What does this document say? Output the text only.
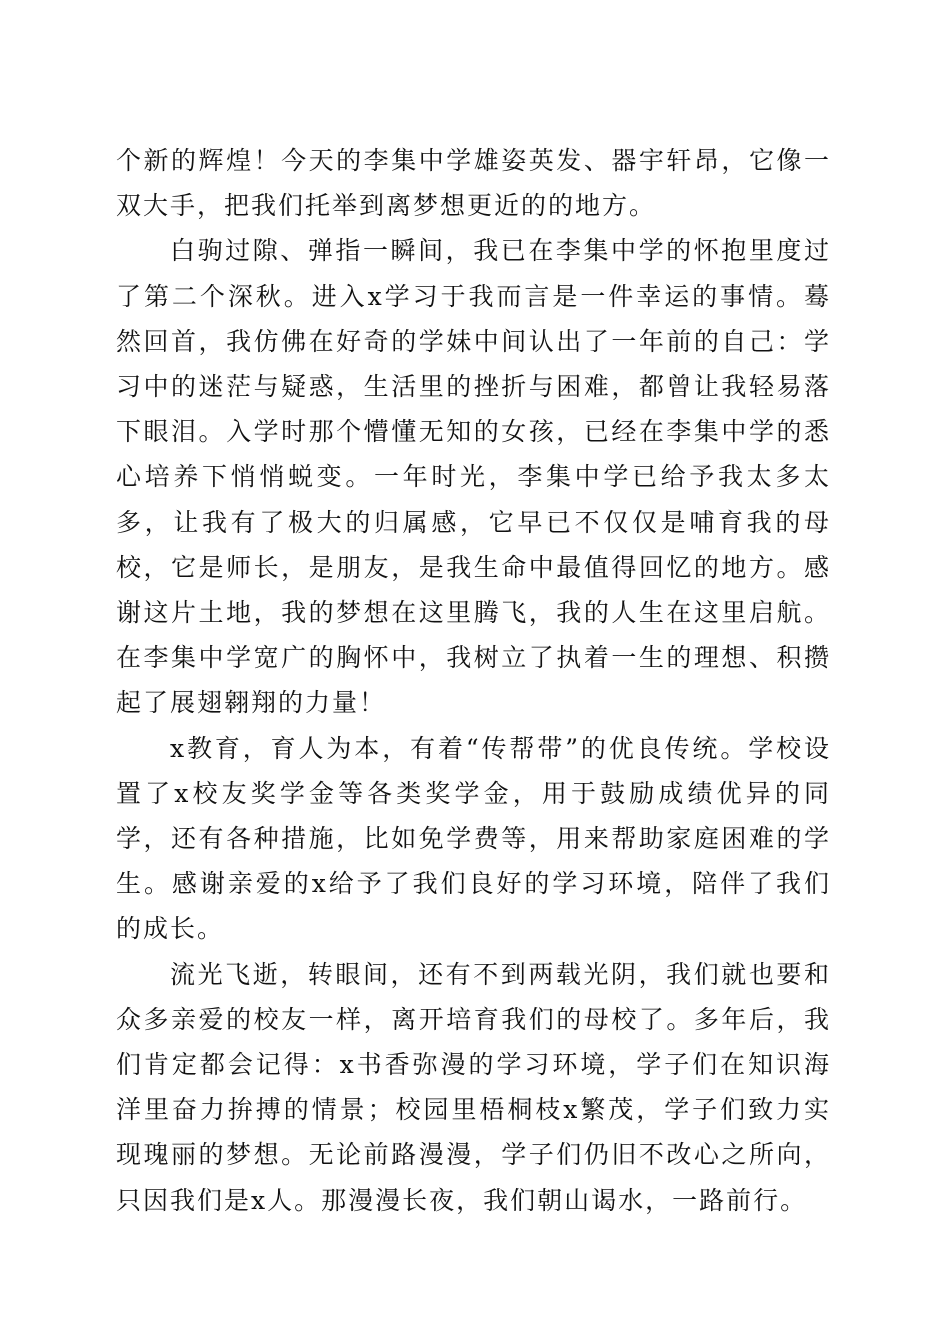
个新的辉煌！今天的李集中学雄姿英发、器宇轩昂，它像一双大手，把我们托举到离梦想更近的的地方。

白驹过隙、弹指一瞬间，我已在李集中学的怀抱里度过了第二个深秋。进入x学习于我而言是一件幸运的事情。蓦然回首，我仿佛在好奇的学妹中间认出了一年前的自己：学习中的迷茫与疑惑，生活里的挫折与困难，都曾让我轻易落下眼泪。入学时那个懵懂无知的女孩，已经在李集中学的悉心培养下悄悄蜕变。一年时光，李集中学已给予我太多太多，让我有了极大的归属感，它早已不仅仅是哺育我的母校，它是师长，是朋友，是我生命中最值得回忆的地方。感谢这片土地，我的梦想在这里腾飞，我的人生在这里启航。在李集中学宽广的胸怀中，我树立了执着一生的理想、积攒起了展翅翱翔的力量！

x教育，育人为本，有着“传帮带”的优良传统。学校设置了x校友奖学金等各类奖学金，用于鼓励成绩优异的同学，还有各种措施，比如免学费等，用来帮助家庭困难的学生。感谢亲爱的x给予了我们良好的学习环境，陪伴了我们的成长。

流光飞逝，转眼间，还有不到两载光阴，我们就也要和众多亲爱的校友一样，离开培育我们的母校了。多年后，我们肯定都会记得：x书香弥漫的学习环境，学子们在知识海洋里奋力拚搏的情景；校园里梧桐枝x繁茂，学子们致力实现瑰丽的梦想。无论前路漫漫，学子们仍旧不改心之所向，只因我们是x人。那漫漫长夜，我们朝山谒水，一路前行。
